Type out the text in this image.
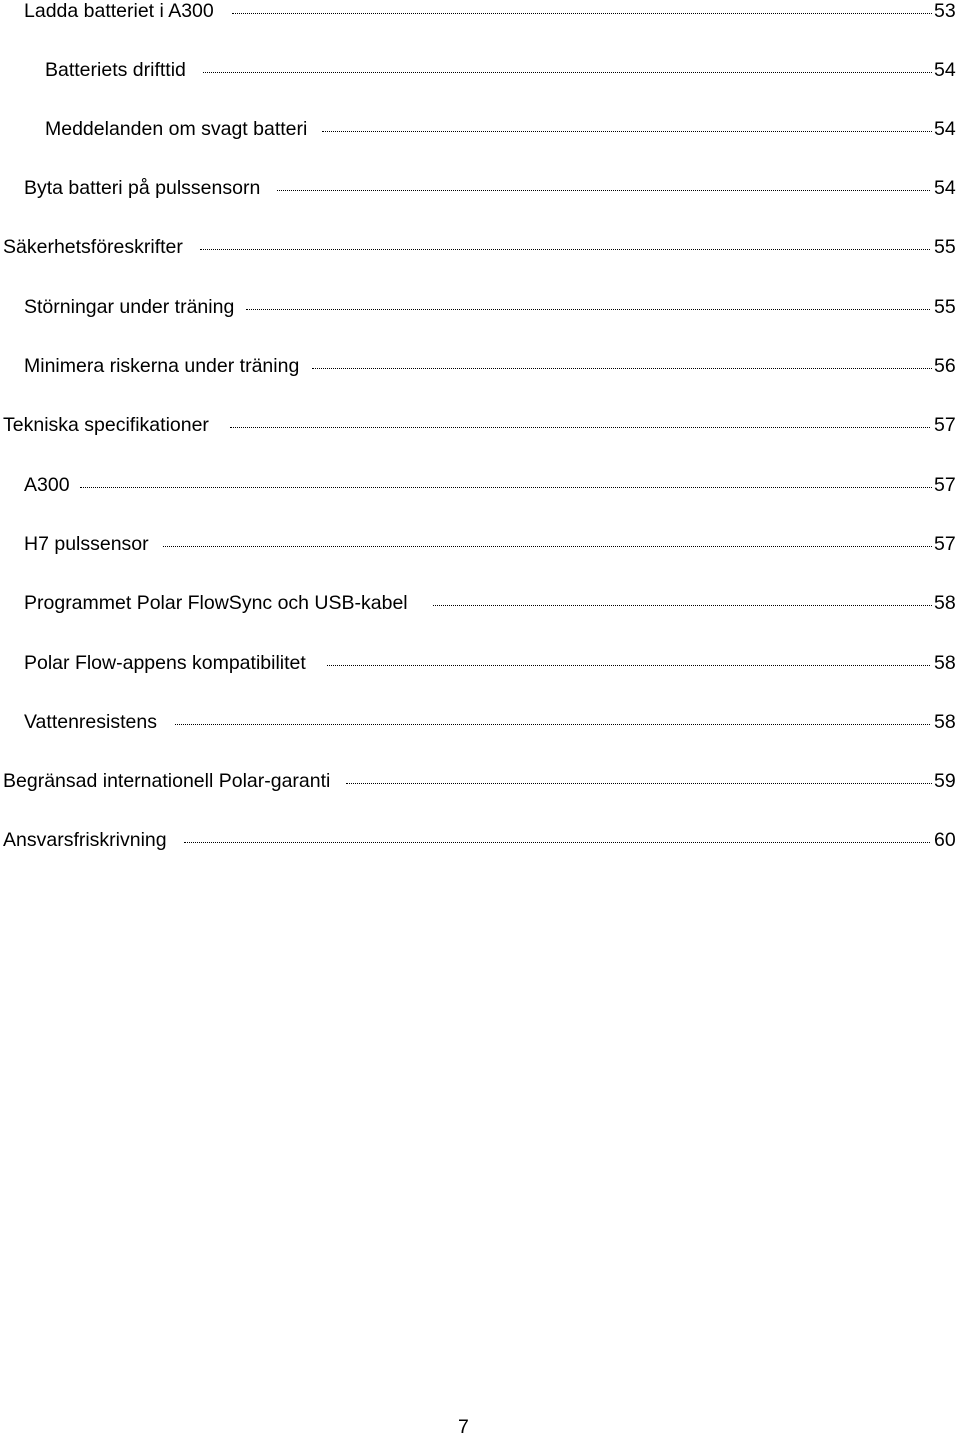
Ladda batteriet i A300	53
Batteriets drifttid	54
Meddelanden om svagt batteri	54
Byta batteri på pulssensorn	54
Säkerhetsföreskrifter	55
Störningar under träning	55
Minimera riskerna under träning	56
Tekniska specifikationer	57
A300	57
H7 pulssensor	57
Programmet Polar FlowSync och USB-kabel	58
Polar Flow-appens kompatibilitet	58
Vattenresistens	58
Begränsad internationell Polar-garanti	59
Ansvarsfriskrivning	60
7
